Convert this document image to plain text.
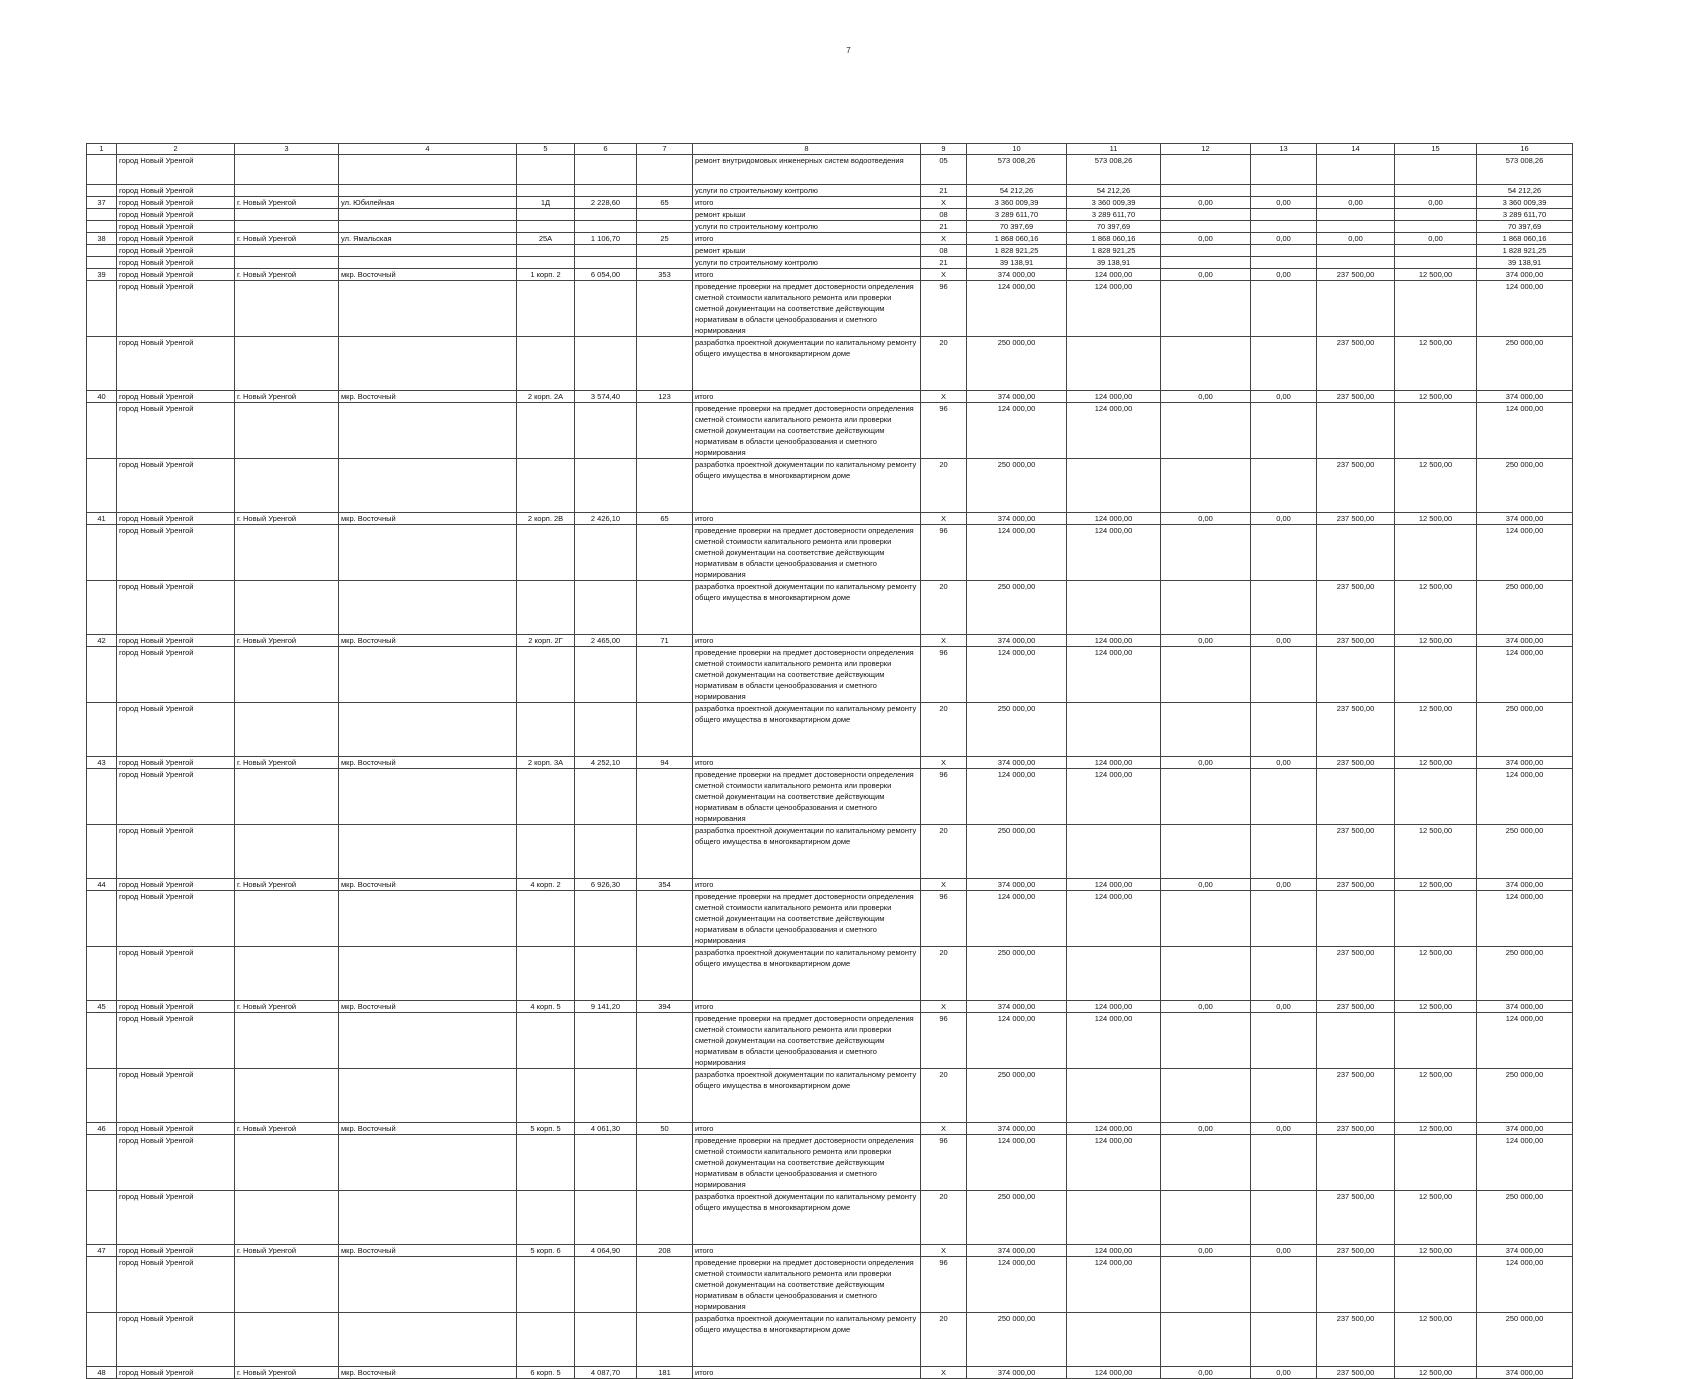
7
1	2	3	4	5	6	7	8	9	10	11	12	13	14	15	16
	город Новый Уренгой						ремонт внутридомовых инженерных систем водоотведения	05	573 008,26	573 008,26					573 008,26
	город Новый Уренгой						услуги по строительному контролю	21	54 212,26	54 212,26					54 212,26
37	город Новый Уренгой	г. Новый Уренгой	ул. Юбилейная	1Д	2 228,60	65	итого	X	3 360 009,39	3 360 009,39	0,00	0,00	0,00	0,00	3 360 009,39
	город Новый Уренгой						ремонт крыши	08	3 289 611,70	3 289 611,70					3 289 611,70
	город Новый Уренгой						услуги по строительному контролю	21	70 397,69	70 397,69					70 397,69
38	город Новый Уренгой	г. Новый Уренгой	ул. Ямальская	25А	1 106,70	25	итого	X	1 868 060,16	1 868 060,16	0,00	0,00	0,00	0,00	1 868 060,16
	город Новый Уренгой						ремонт крыши	08	1 828 921,25	1 828 921,25					1 828 921,25
	город Новый Уренгой						услуги по строительному контролю	21	39 138,91	39 138,91					39 138,91
39	город Новый Уренгой	г. Новый Уренгой	мкр. Восточный	1 корп. 2	6 054,00	353	итого	X	374 000,00	124 000,00	0,00	0,00	237 500,00	12 500,00	374 000,00
	город Новый Уренгой						проведение проверки на предмет достоверности определения сметной стоимости капитального ремонта или проверки сметной документации на соответствие действующим нормативам в области ценообразования и сметного нормирования	96	124 000,00	124 000,00					124 000,00
	город Новый Уренгой						разработка проектной документации по капитальному ремонту общего имущества в многоквартирном доме	20	250 000,00				237 500,00	12 500,00	250 000,00
40	город Новый Уренгой	г. Новый Уренгой	мкр. Восточный	2 корп. 2А	3 574,40	123	итого	X	374 000,00	124 000,00	0,00	0,00	237 500,00	12 500,00	374 000,00
	город Новый Уренгой						проведение проверки на предмет достоверности определения сметной стоимости капитального ремонта или проверки сметной документации на соответствие действующим нормативам в области ценообразования и сметного нормирования	96	124 000,00	124 000,00					124 000,00
	город Новый Уренгой						разработка проектной документации по капитальному ремонту общего имущества в многоквартирном доме	20	250 000,00				237 500,00	12 500,00	250 000,00
41	город Новый Уренгой	г. Новый Уренгой	мкр. Восточный	2 корп. 2В	2 426,10	65	итого	X	374 000,00	124 000,00	0,00	0,00	237 500,00	12 500,00	374 000,00
	город Новый Уренгой						проведение проверки на предмет достоверности определения сметной стоимости капитального ремонта или проверки сметной документации на соответствие действующим нормативам в области ценообразования и сметного нормирования	96	124 000,00	124 000,00					124 000,00
	город Новый Уренгой						разработка проектной документации по капитальному ремонту общего имущества в многоквартирном доме	20	250 000,00				237 500,00	12 500,00	250 000,00
42	город Новый Уренгой	г. Новый Уренгой	мкр. Восточный	2 корп. 2Г	2 465,00	71	итого	X	374 000,00	124 000,00	0,00	0,00	237 500,00	12 500,00	374 000,00
	город Новый Уренгой						проведение проверки на предмет достоверности определения сметной стоимости капитального ремонта или проверки сметной документации на соответствие действующим нормативам в области ценообразования и сметного нормирования	96	124 000,00	124 000,00					124 000,00
	город Новый Уренгой						разработка проектной документации по капитальному ремонту общего имущества в многоквартирном доме	20	250 000,00				237 500,00	12 500,00	250 000,00
43	город Новый Уренгой	г. Новый Уренгой	мкр. Восточный	2 корп. 3А	4 252,10	94	итого	X	374 000,00	124 000,00	0,00	0,00	237 500,00	12 500,00	374 000,00
	город Новый Уренгой						проведение проверки на предмет достоверности определения сметной стоимости капитального ремонта или проверки сметной документации на соответствие действующим нормативам в области ценообразования и сметного нормирования	96	124 000,00	124 000,00					124 000,00
	город Новый Уренгой						разработка проектной документации по капитальному ремонту общего имущества в многоквартирном доме	20	250 000,00				237 500,00	12 500,00	250 000,00
44	город Новый Уренгой	г. Новый Уренгой	мкр. Восточный	4 корп. 2	6 926,30	354	итого	X	374 000,00	124 000,00	0,00	0,00	237 500,00	12 500,00	374 000,00
	город Новый Уренгой						проведение проверки на предмет достоверности определения сметной стоимости капитального ремонта или проверки сметной документации на соответствие действующим нормативам в области ценообразования и сметного нормирования	96	124 000,00	124 000,00					124 000,00
	город Новый Уренгой						разработка проектной документации по капитальному ремонту общего имущества в многоквартирном доме	20	250 000,00				237 500,00	12 500,00	250 000,00
45	город Новый Уренгой	г. Новый Уренгой	мкр. Восточный	4 корп. 5	9 141,20	394	итого	X	374 000,00	124 000,00	0,00	0,00	237 500,00	12 500,00	374 000,00
	город Новый Уренгой						проведение проверки на предмет достоверности определения сметной стоимости капитального ремонта или проверки сметной документации на соответствие действующим нормативам в области ценообразования и сметного нормирования	96	124 000,00	124 000,00					124 000,00
	город Новый Уренгой						разработка проектной документации по капитальному ремонту общего имущества в многоквартирном доме	20	250 000,00				237 500,00	12 500,00	250 000,00
46	город Новый Уренгой	г. Новый Уренгой	мкр. Восточный	5 корп. 5	4 061,30	50	итого	X	374 000,00	124 000,00	0,00	0,00	237 500,00	12 500,00	374 000,00
	город Новый Уренгой						проведение проверки на предмет достоверности определения сметной стоимости капитального ремонта или проверки сметной документации на соответствие действующим нормативам в области ценообразования и сметного нормирования	96	124 000,00	124 000,00					124 000,00
	город Новый Уренгой						разработка проектной документации по капитальному ремонту общего имущества в многоквартирном доме	20	250 000,00				237 500,00	12 500,00	250 000,00
47	город Новый Уренгой	г. Новый Уренгой	мкр. Восточный	5 корп. 6	4 064,90	208	итого	X	374 000,00	124 000,00	0,00	0,00	237 500,00	12 500,00	374 000,00
	город Новый Уренгой						проведение проверки на предмет достоверности определения сметной стоимости капитального ремонта или проверки сметной документации на соответствие действующим нормативам в области ценообразования и сметного нормирования	96	124 000,00	124 000,00					124 000,00
	город Новый Уренгой						разработка проектной документации по капитальному ремонту общего имущества в многоквартирном доме	20	250 000,00				237 500,00	12 500,00	250 000,00
48	город Новый Уренгой	г. Новый Уренгой	мкр. Восточный	6 корп. 5	4 087,70	181	итого	X	374 000,00	124 000,00	0,00	0,00	237 500,00	12 500,00	374 000,00
